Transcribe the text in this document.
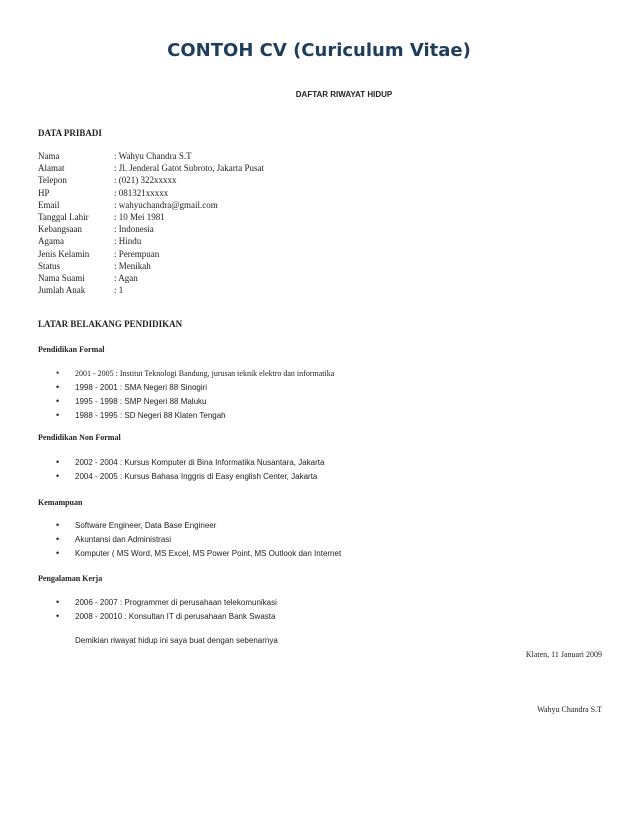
CONTOH CV (Curiculum Vitae)
DAFTAR RIWAYAT HIDUP
DATA PRIBADI
Nama	: Wahyu Chandra S.T
Alamat	: Jl. Jenderal Gatot Subroto, Jakarta Pusat
Telepon	: (021) 322xxxxx
HP	: 081321xxxxx
Email	: wahyuchandra@gmail.com
Tanggal Lahir	: 10 Mei 1981
Kebangsaan	: Indonesia
Agama	: Hindu
Jenis Kelamin	: Perempuan
Status	: Menikah
Nama Suami	: Agan
Jumlah Anak	: 1
LATAR BELAKANG PENDIDIKAN
Pendidikan Formal
• 2001 - 2005 : Institut Teknologi Bandung, jurusan teknik elektro dan informatika
• 1998 - 2001 : SMA Negeri 88 Sinogiri
• 1995 - 1998 : SMP Negeri 88 Maluku
• 1988 - 1995 : SD Negeri 88 Klaten Tengah
Pendidikan Non Formal
• 2002 - 2004 : Kursus Komputer di Bina Informatika Nusantara, Jakarta
• 2004 - 2005 : Kursus Bahasa Inggris di Easy english Center, Jakarta
Kemampuan
• Software Engineer, Data Base Engineer
• Akuntansi dan Administrasi
• Komputer ( MS Word, MS Excel, MS Power Point, MS Outlook dan Internet
Pengalaman Kerja
• 2006 - 2007 : Programmer di perusahaan telekomunikasi
• 2008 - 20010 : Konsultan IT di perusahaan Bank Swasta
Demikian riwayat hidup ini saya buat dengan sebenarnya
Klaten, 11 Januari 2009
Wahyu Chandra S.T
